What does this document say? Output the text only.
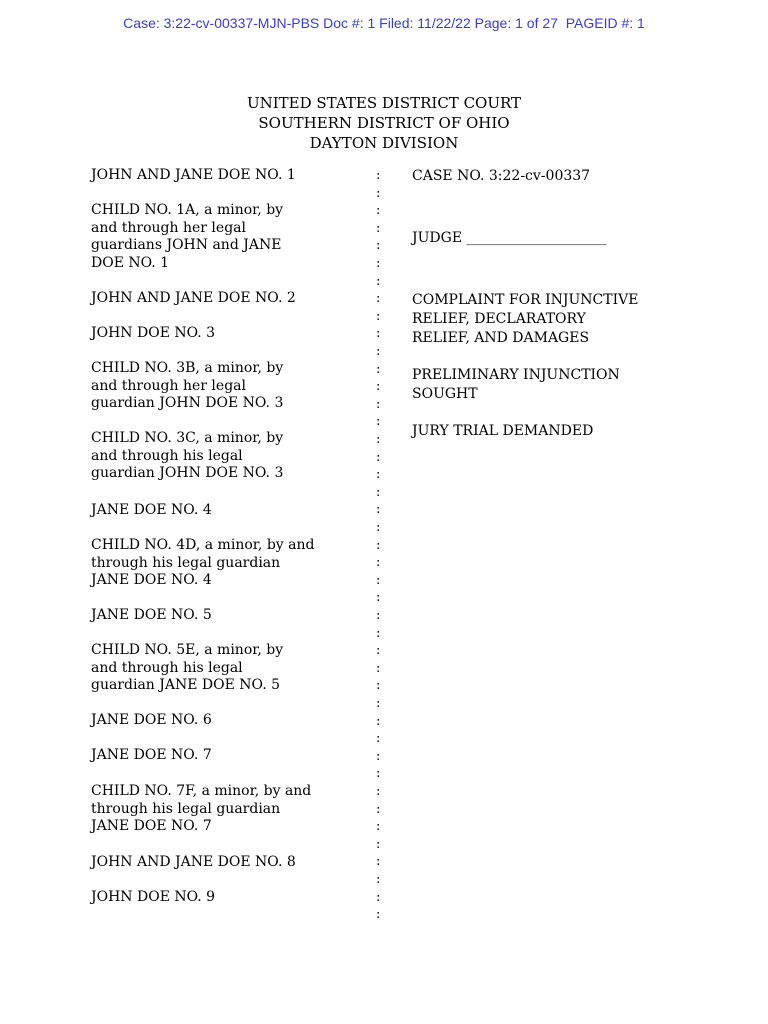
Case: 3:22-cv-00337-MJN-PBS Doc #: 1 Filed: 11/22/22 Page: 1 of 27  PAGEID #: 1
UNITED STATES DISTRICT COURT
SOUTHERN DISTRICT OF OHIO
DAYTON DIVISION
JOHN AND JANE DOE NO. 1
CHILD NO. 1A, a minor, by
and through her legal
guardians JOHN and JANE
DOE NO. 1
JOHN AND JANE DOE NO. 2
JOHN DOE NO. 3
CHILD NO. 3B, a minor, by
and through her legal
guardian JOHN DOE NO. 3
CHILD NO. 3C, a minor, by
and through his legal
guardian JOHN DOE NO. 3
JANE DOE NO. 4
CHILD NO. 4D, a minor, by and
through his legal guardian
JANE DOE NO. 4
JANE DOE NO. 5
CHILD NO. 5E, a minor, by
and through his legal
guardian JANE DOE NO. 5
JANE DOE NO. 6
JANE DOE NO. 7
CHILD NO. 7F, a minor, by and
through his legal guardian
JANE DOE NO. 7
JOHN AND JANE DOE NO. 8
JOHN DOE NO. 9
:
:
:
:
:
:
:
:
:
:
:
:
:
:
:
:
:
:
:
:
:
:
:
:
:
:
:
:
:
:
:
:
:
:
:
:
:
:
:
:
:
:
:
CASE NO. 3:22-cv-00337
JUDGE ____________________
COMPLAINT FOR INJUNCTIVE
RELIEF, DECLARATORY
RELIEF, AND DAMAGES
PRELIMINARY INJUNCTION
SOUGHT
JURY TRIAL DEMANDED
